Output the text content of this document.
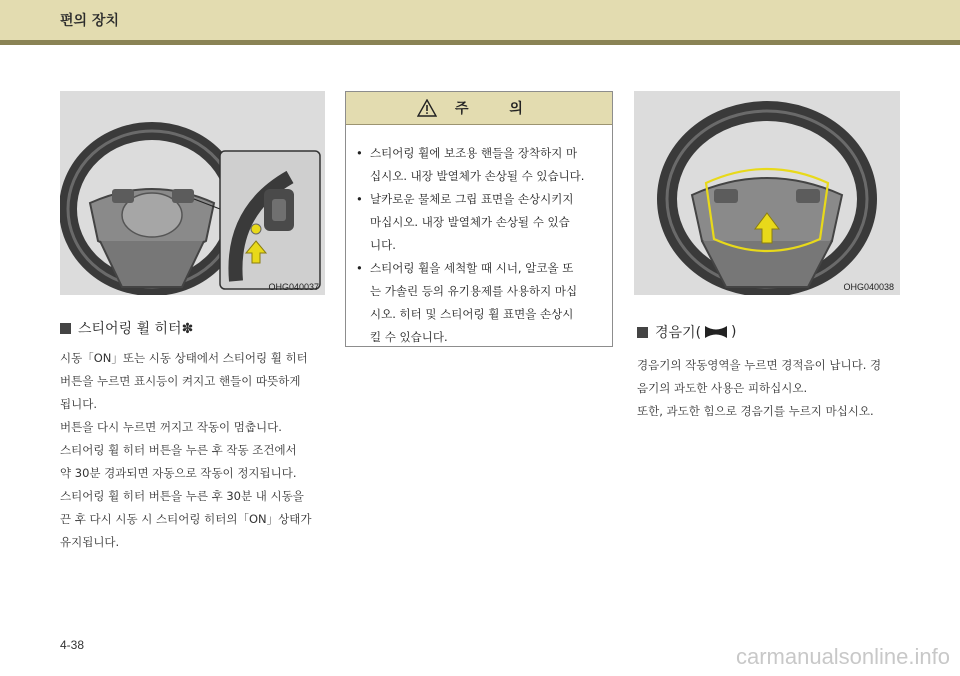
편의 장치
OHG040037
스티어링 휠 히터✽

시동「ON」또는 시동 상태에서 스티어링 휠 히터

버튼을 누르면 표시등이 켜지고 핸들이 따뜻하게

됩니다.

버튼을 다시 누르면 꺼지고 작동이 멈춥니다.

스티어링 휠 히터 버튼을 누른 후 작동 조건에서

약 30분 경과되면 자동으로 작동이 정지됩니다.

스티어링 휠 히터 버튼을 누른 후 30분 내 시동을

끈 후 다시 시동 시 스티어링 히터의「ON」상태가

유지됩니다.

주 의
• 스티어링 휠에 보조용 핸들을 장착하지 마
십시오. 내장 발열체가 손상될 수 있습니다.
• 날카로운 물체로 그립 표면을 손상시키지
마십시오. 내장 발열체가 손상될 수 있습
니다.
• 스티어링 휠을 세척할 때 시너, 알코올 또
는 가솔린 등의 유기용제를 사용하지 마십
시오. 히터 및 스티어링 휠 표면을 손상시
킬 수 있습니다.
OHG040038
경음기( )

경음기의 작동영역을 누르면 경적음이 납니다. 경

음기의 과도한 사용은 피하십시오.

또한, 과도한 힘으로 경음기를 누르지 마십시오.

4-38	carmanualsonline.info
